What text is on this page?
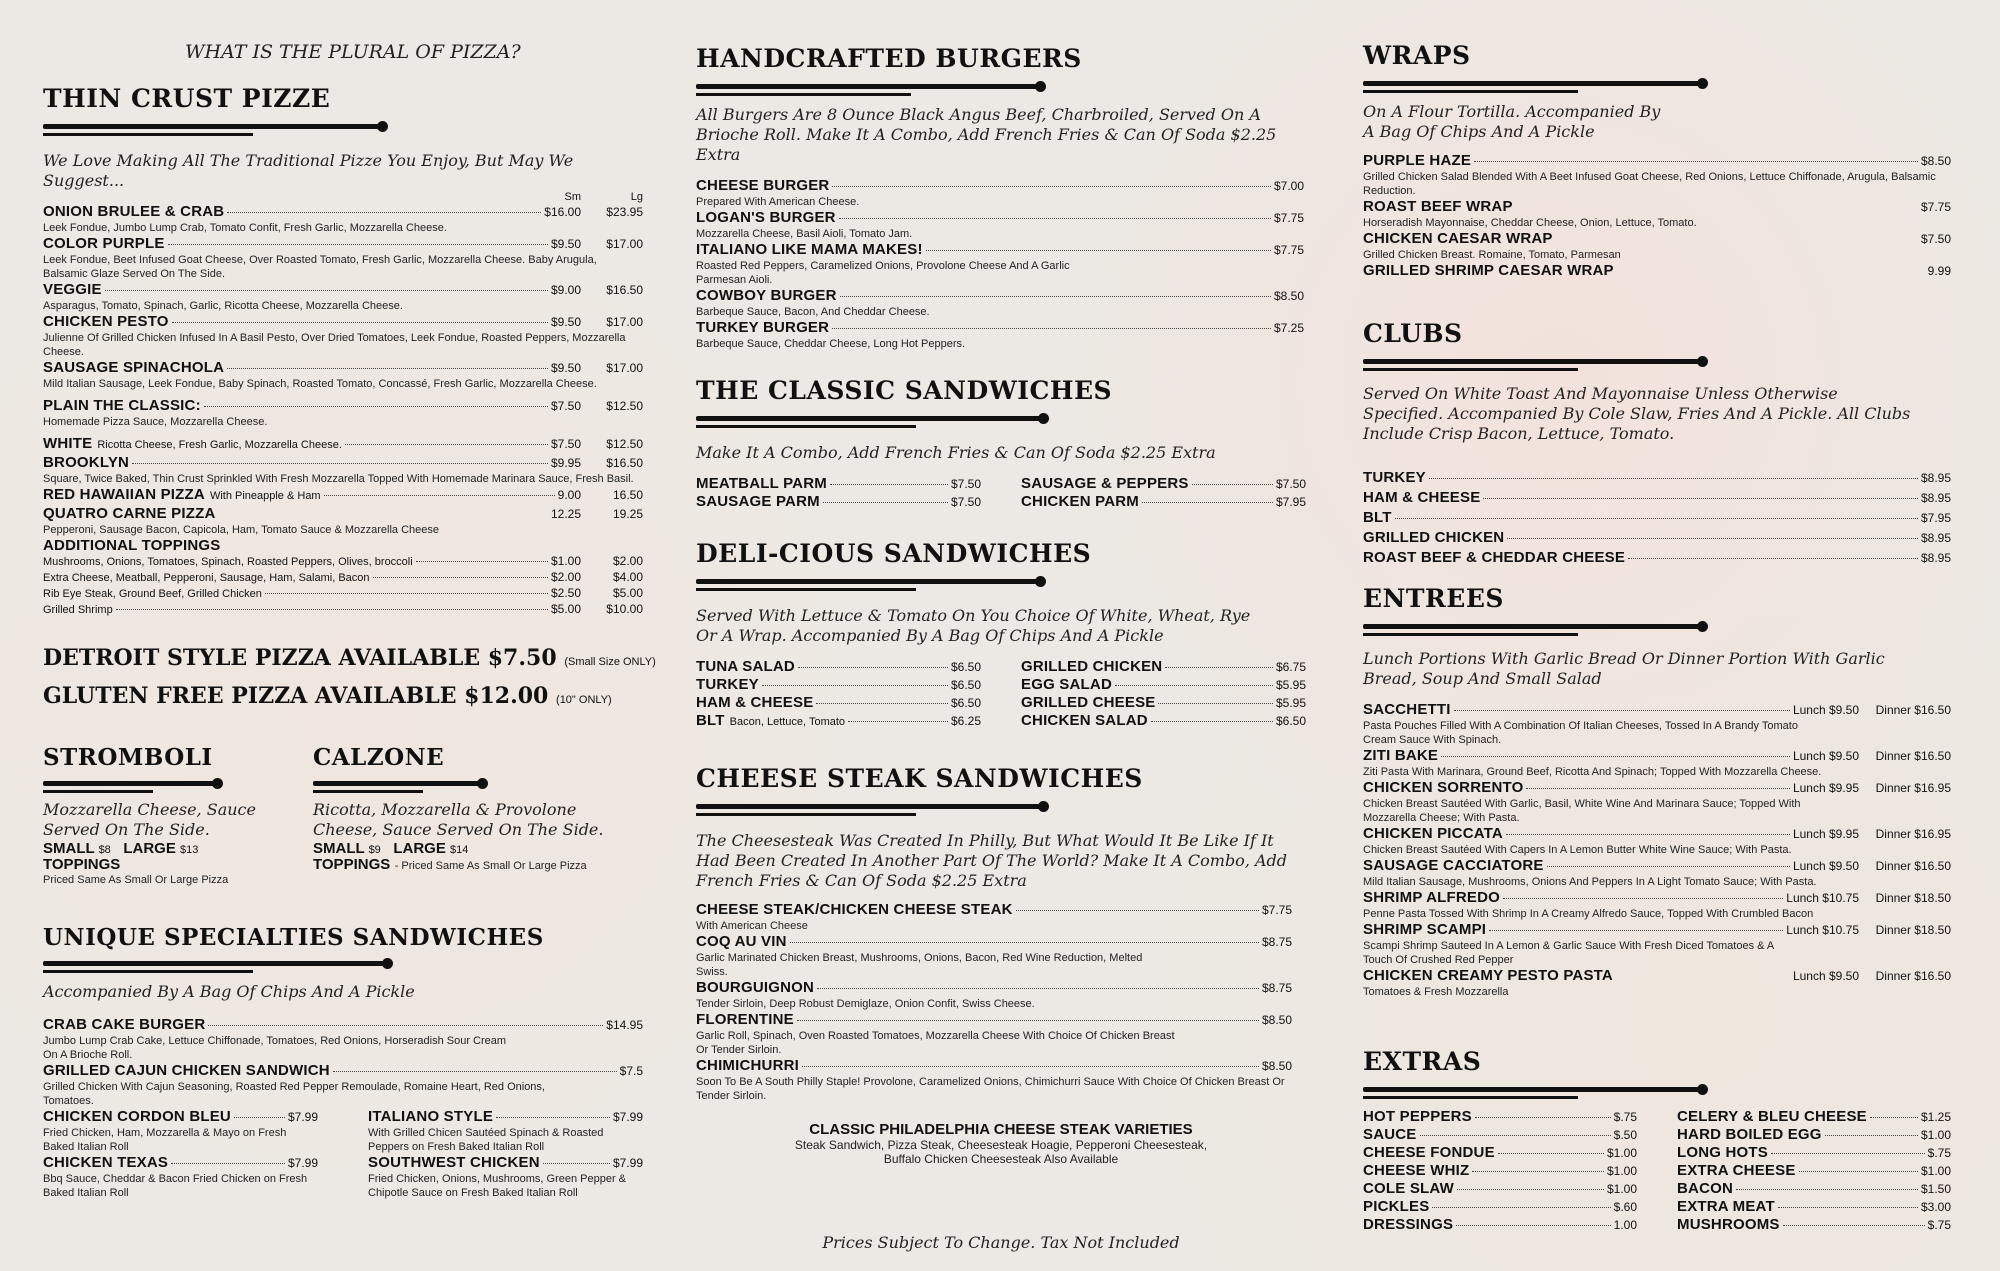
WHAT IS THE PLURAL OF PIZZA?
THIN CRUST PIZZE
We Love Making All The Traditional Pizze You Enjoy, But May We Suggest...
Sm	Lg
ONION BRULEE & CRAB	$16.00	$23.95
Leek Fondue, Jumbo Lump Crab, Tomato Confit, Fresh Garlic, Mozzarella Cheese.
COLOR PURPLE	$9.50	$17.00
Leek Fondue, Beet Infused Goat Cheese, Over Roasted Tomato, Fresh Garlic, Mozzarella Cheese. Baby Arugula, Balsamic Glaze Served On The Side.
VEGGIE	$9.00	$16.50
Asparagus, Tomato, Spinach, Garlic, Ricotta Cheese, Mozzarella Cheese.
CHICKEN PESTO	$9.50	$17.00
Julienne Of Grilled Chicken Infused In A Basil Pesto, Over Dried Tomatoes, Leek Fondue, Roasted Peppers, Mozzarella Cheese.
SAUSAGE SPINACHOLA	$9.50	$17.00
Mild Italian Sausage, Leek Fondue, Baby Spinach, Roasted Tomato, Concassé, Fresh Garlic, Mozzarella Cheese.
PLAIN THE CLASSIC:	$7.50	$12.50
Homemade Pizza Sauce, Mozzarella Cheese.
WHITE Ricotta Cheese, Fresh Garlic, Mozzarella Cheese.	$7.50	$12.50
BROOKLYN	$9.95	$16.50
Square, Twice Baked, Thin Crust Sprinkled With Fresh Mozzarella Topped With Homemade Marinara Sauce, Fresh Basil.
RED HAWAIIAN PIZZA With Pineapple & Ham	9.00	16.50
QUATRO CARNE PIZZA	12.25	19.25
Pepperoni, Sausage Bacon, Capicola, Ham, Tomato Sauce & Mozzarella Cheese
ADDITIONAL TOPPINGS
Mushrooms, Onions, Tomatoes, Spinach, Roasted Peppers, Olives, broccoli	$1.00	$2.00
Extra Cheese, Meatball, Pepperoni, Sausage, Ham, Salami, Bacon	$2.00	$4.00
Rib Eye Steak, Ground Beef, Grilled Chicken	$2.50	$5.00
Grilled Shrimp	$5.00	$10.00
DETROIT STYLE PIZZA AVAILABLE $7.50 (Small Size ONLY)
GLUTEN FREE PIZZA AVAILABLE $12.00 (10" ONLY)
STROMBOLI
Mozzarella Cheese, Sauce Served On The Side.
SMALL $8 LARGE $13
TOPPINGS
Priced Same As Small Or Large Pizza
CALZONE
Ricotta, Mozzarella & Provolone Cheese, Sauce Served On The Side.
SMALL $9 LARGE $14
TOPPINGS - Priced Same As Small Or Large Pizza
UNIQUE SPECIALTIES SANDWICHES
Accompanied By A Bag Of Chips And A Pickle
CRAB CAKE BURGER	$14.95
Jumbo Lump Crab Cake, Lettuce Chiffonade, Tomatoes, Red Onions, Horseradish Sour Cream On A Brioche Roll.
GRILLED CAJUN CHICKEN SANDWICH	$7.5
Grilled Chicken With Cajun Seasoning, Roasted Red Pepper Remoulade, Romaine Heart, Red Onions, Tomatoes.
CHICKEN CORDON BLEU	$7.99
Fried Chicken, Ham, Mozzarella & Mayo on Fresh Baked Italian Roll
ITALIANO STYLE	$7.99
With Grilled Chicen Sautéed Spinach & Roasted Peppers on Fresh Baked Italian Roll
CHICKEN TEXAS	$7.99
Bbq Sauce, Cheddar & Bacon Fried Chicken on Fresh Baked Italian Roll
SOUTHWEST CHICKEN	$7.99
Fried Chicken, Onions, Mushrooms, Green Pepper & Chipotle Sauce on Fresh Baked Italian Roll
HANDCRAFTED BURGERS
All Burgers Are 8 Ounce Black Angus Beef, Charbroiled, Served On A Brioche Roll. Make It A Combo, Add French Fries & Can Of Soda $2.25 Extra
CHEESE BURGER	$7.00
Prepared With American Cheese.
LOGAN'S BURGER	$7.75
Mozzarella Cheese, Basil Aioli, Tomato Jam.
ITALIANO LIKE MAMA MAKES!	$7.75
Roasted Red Peppers, Caramelized Onions, Provolone Cheese And A Garlic Parmesan Aioli.
COWBOY BURGER	$8.50
Barbeque Sauce, Bacon, And Cheddar Cheese.
TURKEY BURGER	$7.25
Barbeque Sauce, Cheddar Cheese, Long Hot Peppers.
THE CLASSIC SANDWICHES
Make It A Combo, Add French Fries & Can Of Soda $2.25 Extra
MEATBALL PARM	$7.50
SAUSAGE PARM	$7.50
SAUSAGE & PEPPERS	$7.50
CHICKEN PARM	$7.95
DELI-CIOUS SANDWICHES
Served With Lettuce & Tomato On You Choice Of White, Wheat, Rye Or A Wrap. Accompanied By A Bag Of Chips And A Pickle
TUNA SALAD	$6.50
TURKEY	$6.50
HAM & CHEESE	$6.50
BLT Bacon, Lettuce, Tomato	$6.25
GRILLED CHICKEN	$6.75
EGG SALAD	$5.95
GRILLED CHEESE	$5.95
CHICKEN SALAD	$6.50
CHEESE STEAK SANDWICHES
The Cheesesteak Was Created In Philly, But What Would It Be Like If It Had Been Created In Another Part Of The World? Make It A Combo, Add French Fries & Can Of Soda $2.25 Extra
CHEESE STEAK/CHICKEN CHEESE STEAK	$7.75
With American Cheese
COQ AU VIN	$8.75
Garlic Marinated Chicken Breast, Mushrooms, Onions, Bacon, Red Wine Reduction, Melted Swiss.
BOURGUIGNON	$8.75
Tender Sirloin, Deep Robust Demiglaze, Onion Confit, Swiss Cheese.
FLORENTINE	$8.50
Garlic Roll, Spinach, Oven Roasted Tomatoes, Mozzarella Cheese With Choice Of Chicken Breast Or Tender Sirloin.
CHIMICHURRI	$8.50
Soon To Be A South Philly Staple! Provolone, Caramelized Onions, Chimichurri Sauce With Choice Of Chicken Breast Or Tender Sirloin.
CLASSIC PHILADELPHIA CHEESE STEAK VARIETIES
Steak Sandwich, Pizza Steak, Cheesesteak Hoagie, Pepperoni Cheesesteak, Buffalo Chicken Cheesesteak Also Available
Prices Subject To Change. Tax Not Included
WRAPS
On A Flour Tortilla. Accompanied By A Bag Of Chips And A Pickle
PURPLE HAZE	$8.50
Grilled Chicken Salad Blended With A Beet Infused Goat Cheese, Red Onions, Lettuce Chiffonade, Arugula, Balsamic Reduction.
ROAST BEEF WRAP	$7.75
Horseradish Mayonnaise, Cheddar Cheese, Onion, Lettuce, Tomato.
CHICKEN CAESAR WRAP	$7.50
Grilled Chicken Breast. Romaine, Tomato, Parmesan
GRILLED SHRIMP CAESAR WRAP	9.99
CLUBS
Served On White Toast And Mayonnaise Unless Otherwise Specified. Accompanied By Cole Slaw, Fries And A Pickle. All Clubs Include Crisp Bacon, Lettuce, Tomato.
TURKEY	$8.95
HAM & CHEESE	$8.95
BLT	$7.95
GRILLED CHICKEN	$8.95
ROAST BEEF & CHEDDAR CHEESE	$8.95
ENTREES
Lunch Portions With Garlic Bread Or Dinner Portion With Garlic Bread, Soup And Small Salad
SACCHETTI	Lunch $9.50	Dinner $16.50
Pasta Pouches Filled With A Combination Of Italian Cheeses, Tossed In A Brandy Tomato Cream Sauce With Spinach.
ZITI BAKE	Lunch $9.50	Dinner $16.50
Ziti Pasta With Marinara, Ground Beef, Ricotta And Spinach; Topped With Mozzarella Cheese.
CHICKEN SORRENTO	Lunch $9.95	Dinner $16.95
Chicken Breast Sautéed With Garlic, Basil, White Wine And Marinara Sauce; Topped With Mozzarella Cheese; With Pasta.
CHICKEN PICCATA	Lunch $9.95	Dinner $16.95
Chicken Breast Sautéed With Capers In A Lemon Butter White Wine Sauce; With Pasta.
SAUSAGE CACCIATORE	Lunch $9.50	Dinner $16.50
Mild Italian Sausage, Mushrooms, Onions And Peppers In A Light Tomato Sauce; With Pasta.
SHRIMP ALFREDO	Lunch $10.75	Dinner $18.50
Penne Pasta Tossed With Shrimp In A Creamy Alfredo Sauce, Topped With Crumbled Bacon
SHRIMP SCAMPI	Lunch $10.75	Dinner $18.50
Scampi Shrimp Sauteed In A Lemon & Garlic Sauce With Fresh Diced Tomatoes & A Touch Of Crushed Red Pepper
CHICKEN CREAMY PESTO PASTA	Lunch $9.50	Dinner $16.50
Tomatoes & Fresh Mozzarella
EXTRAS
HOT PEPPERS	$.75
SAUCE	$.50
CHEESE FONDUE	$1.00
CHEESE WHIZ	$1.00
COLE SLAW	$1.00
PICKLES	$.60
DRESSINGS	1.00
CELERY & BLEU CHEESE	$1.25
HARD BOILED EGG	$1.00
LONG HOTS	$.75
EXTRA CHEESE	$1.00
BACON	$1.50
EXTRA MEAT	$3.00
MUSHROOMS	$.75
